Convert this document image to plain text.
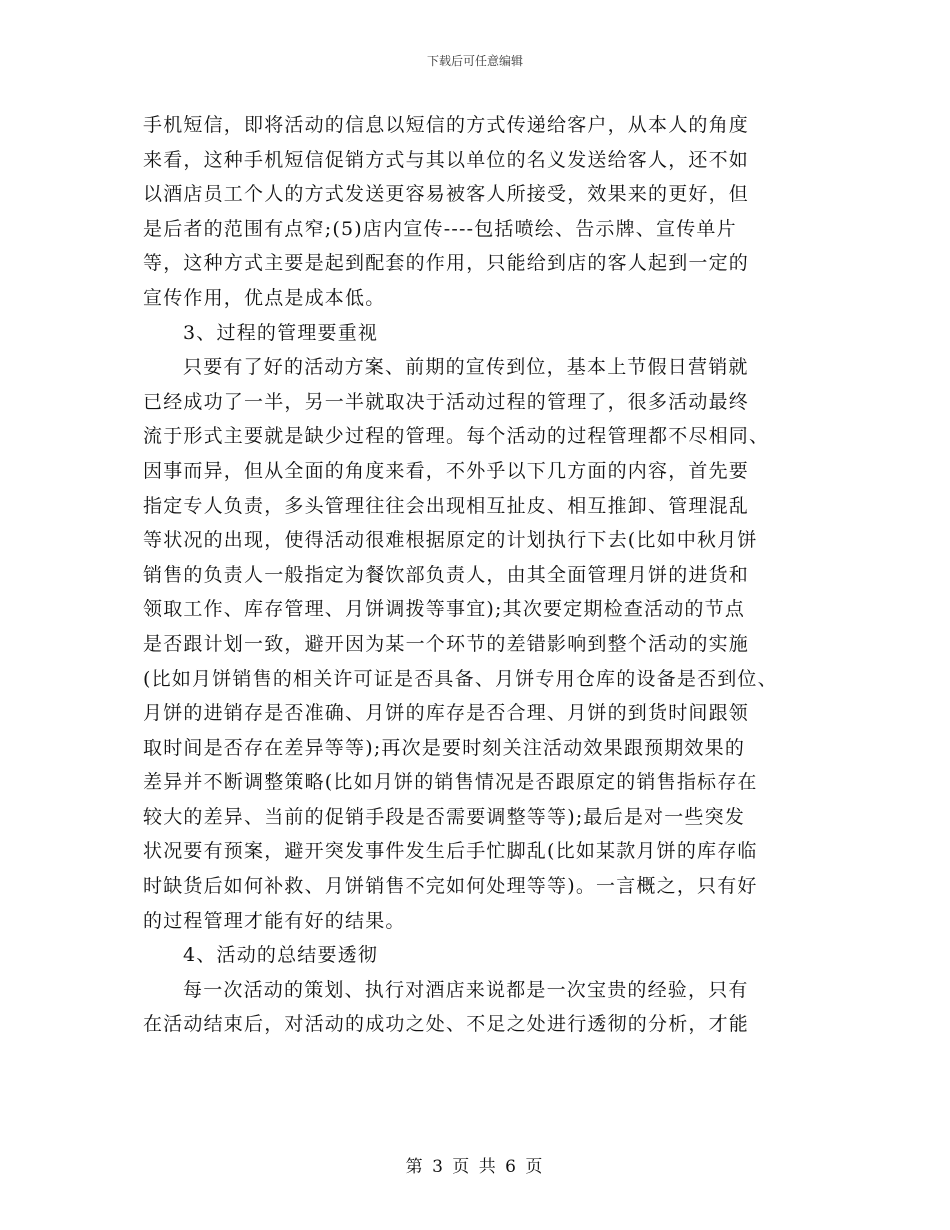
下载后可任意编辑
手机短信，即将活动的信息以短信的方式传递给客户，从本人的角度
来看，这种手机短信促销方式与其以单位的名义发送给客人，还不如
以酒店员工个人的方式发送更容易被客人所接受，效果来的更好，但
是后者的范围有点窄;(5)店内宣传----包括喷绘、告示牌、宣传单片
等，这种方式主要是起到配套的作用，只能给到店的客人起到一定的
宣传作用，优点是成本低。
3、过程的管理要重视
只要有了好的活动方案、前期的宣传到位，基本上节假日营销就
已经成功了一半，另一半就取决于活动过程的管理了，很多活动最终
流于形式主要就是缺少过程的管理。每个活动的过程管理都不尽相同、
因事而异，但从全面的角度来看，不外乎以下几方面的内容，首先要
指定专人负责，多头管理往往会出现相互扯皮、相互推卸、管理混乱
等状况的出现，使得活动很难根据原定的计划执行下去(比如中秋月饼
销售的负责人一般指定为餐饮部负责人，由其全面管理月饼的进货和
领取工作、库存管理、月饼调拨等事宜);其次要定期检查活动的节点
是否跟计划一致，避开因为某一个环节的差错影响到整个活动的实施
(比如月饼销售的相关许可证是否具备、月饼专用仓库的设备是否到位、
月饼的进销存是否准确、月饼的库存是否合理、月饼的到货时间跟领
取时间是否存在差异等等);再次是要时刻关注活动效果跟预期效果的
差异并不断调整策略(比如月饼的销售情况是否跟原定的销售指标存在
较大的差异、当前的促销手段是否需要调整等等);最后是对一些突发
状况要有预案，避开突发事件发生后手忙脚乱(比如某款月饼的库存临
时缺货后如何补救、月饼销售不完如何处理等等)。一言概之，只有好
的过程管理才能有好的结果。
4、活动的总结要透彻
每一次活动的策划、执行对酒店来说都是一次宝贵的经验，只有
在活动结束后，对活动的成功之处、不足之处进行透彻的分析，才能
第 3 页 共 6 页
